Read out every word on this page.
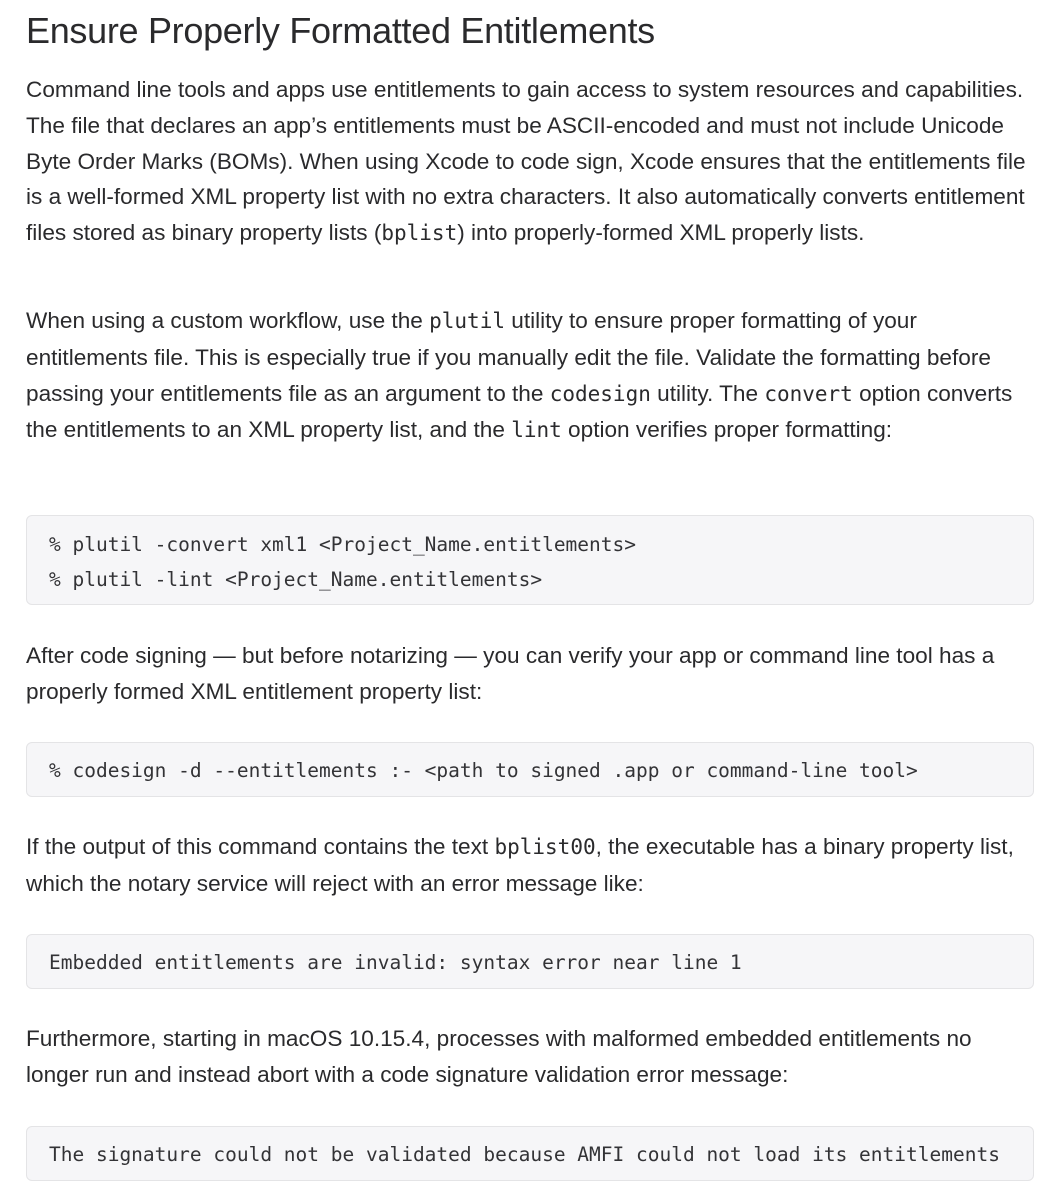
Ensure Properly Formatted Entitlements

Command line tools and apps use entitlements to gain access to system resources and capabilities. The file that declares an app’s entitlements must be ASCII-encoded and must not include Unicode Byte Order Marks (BOMs). When using Xcode to code sign, Xcode ensures that the entitlements file is a well-formed XML property list with no extra characters. It also automatically converts entitlement files stored as binary property lists (bplist) into properly-formed XML properly lists.

When using a custom workflow, use the plutil utility to ensure proper formatting of your entitlements file. This is especially true if you manually edit the file. Validate the formatting before passing your entitlements file as an argument to the codesign utility. The convert option converts the entitlements to an XML property list, and the lint option verifies proper formatting:

% plutil -convert xml1 <Project_Name.entitlements>
% plutil -lint <Project_Name.entitlements>

After code signing — but before notarizing — you can verify your app or command line tool has a properly formed XML entitlement property list:

% codesign -d --entitlements :- <path to signed .app or command-line tool>

If the output of this command contains the text bplist00, the executable has a binary property list, which the notary service will reject with an error message like:

Embedded entitlements are invalid: syntax error near line 1

Furthermore, starting in macOS 10.15.4, processes with malformed embedded entitlements no longer run and instead abort with a code signature validation error message:

The signature could not be validated because AMFI could not load its entitlements
